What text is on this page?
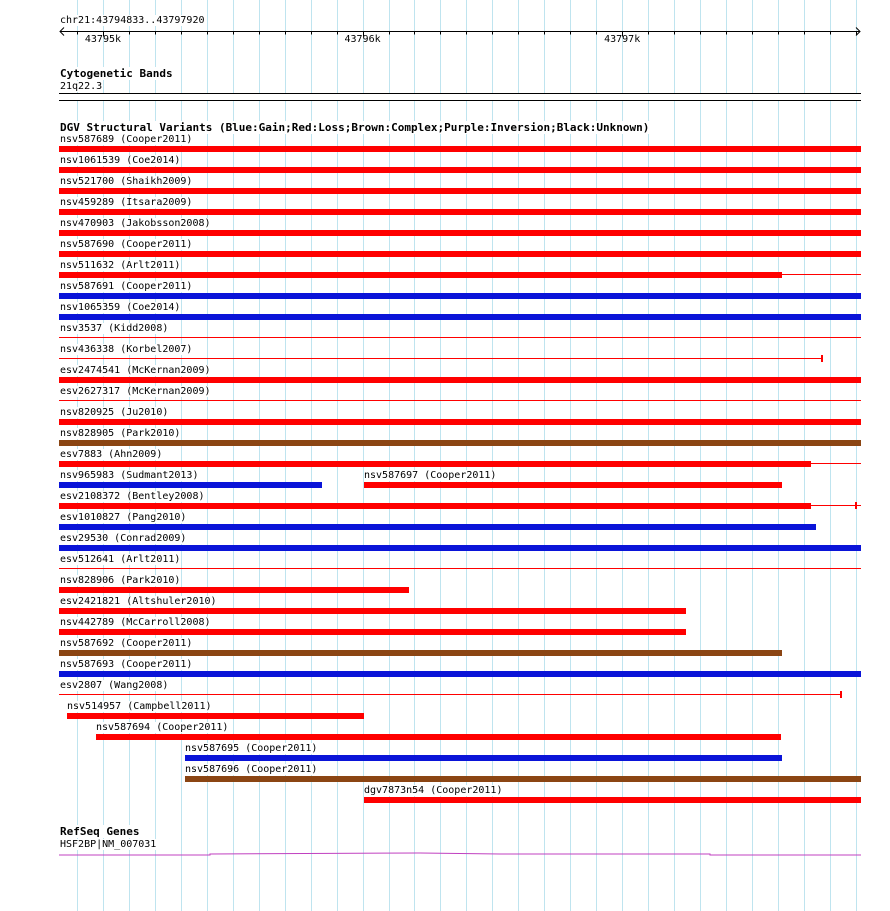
43795k	43796k	43797k
chr21:43794833..43797920
Cytogenetic Bands
21q22.3
DGV Structural Variants (Blue:Gain;Red:Loss;Brown:Complex;Purple:Inversion;Black:Unknown)
nsv587689 (Cooper2011)
nsv1061539 (Coe2014)
nsv521700 (Shaikh2009)
nsv459289 (Itsara2009)
nsv470903 (Jakobsson2008)
nsv587690 (Cooper2011)
nsv511632 (Arlt2011)
nsv587691 (Cooper2011)
nsv1065359 (Coe2014)
nsv3537 (Kidd2008)
nsv436338 (Korbel2007)
esv2474541 (McKernan2009)
esv2627317 (McKernan2009)
nsv820925 (Ju2010)
nsv828905 (Park2010)
esv7883 (Ahn2009)
nsv965983 (Sudmant2013)
esv2108372 (Bentley2008)
esv1010827 (Pang2010)
esv29530 (Conrad2009)
esv512641 (Arlt2011)
nsv828906 (Park2010)
esv2421821 (Altshuler2010)
nsv442789 (McCarroll2008)
nsv587692 (Cooper2011)
nsv587693 (Cooper2011)
esv2807 (Wang2008)
nsv514957 (Campbell2011)
nsv587694 (Cooper2011)
nsv587695 (Cooper2011)
nsv587696 (Cooper2011)
nsv587697 (Cooper2011)
dgv7873n54 (Cooper2011)
RefSeq Genes
HSF2BP|NM_007031
